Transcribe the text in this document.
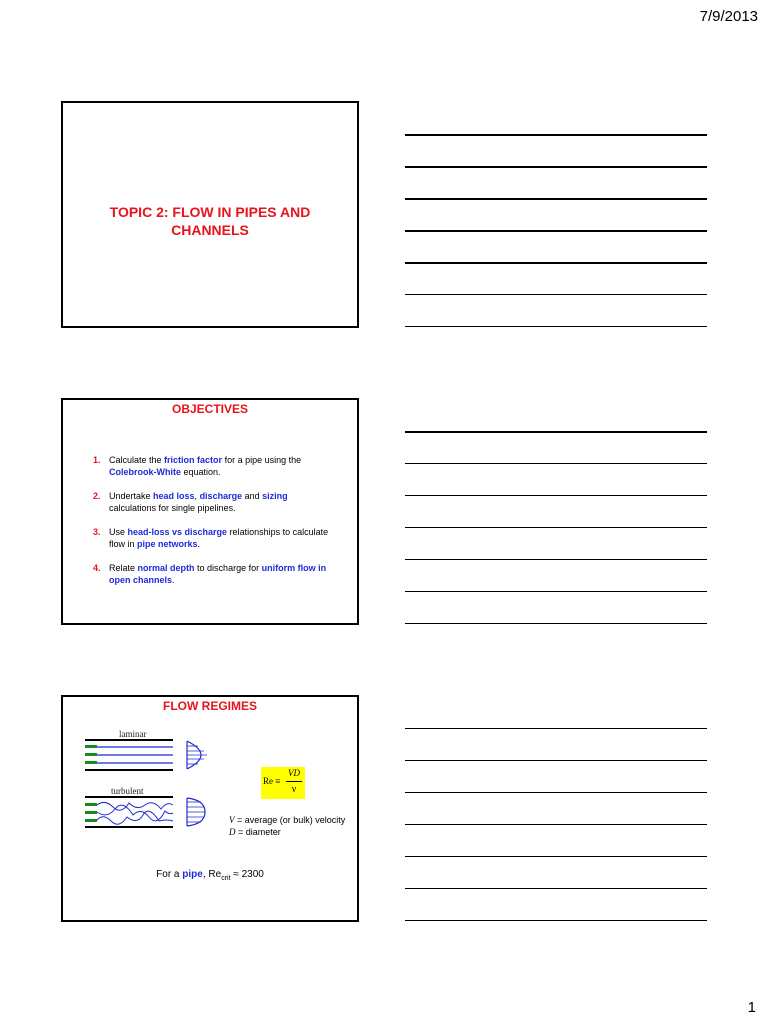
7/9/2013
TOPIC 2: FLOW IN PIPES AND CHANNELS
OBJECTIVES
1. Calculate the friction factor for a pipe using the Colebrook-White equation.
2. Undertake head loss, discharge and sizing calculations for single pipelines.
3. Use head-loss vs discharge relationships to calculate flow in pipe networks.
4. Relate normal depth to discharge for uniform flow in open channels.
FLOW REGIMES
laminar
turbulent
Re ≡
VD
ν
V = average (or bulk) velocity
D = diameter
For a pipe, $Re_{crit} \approx 2300$
1
